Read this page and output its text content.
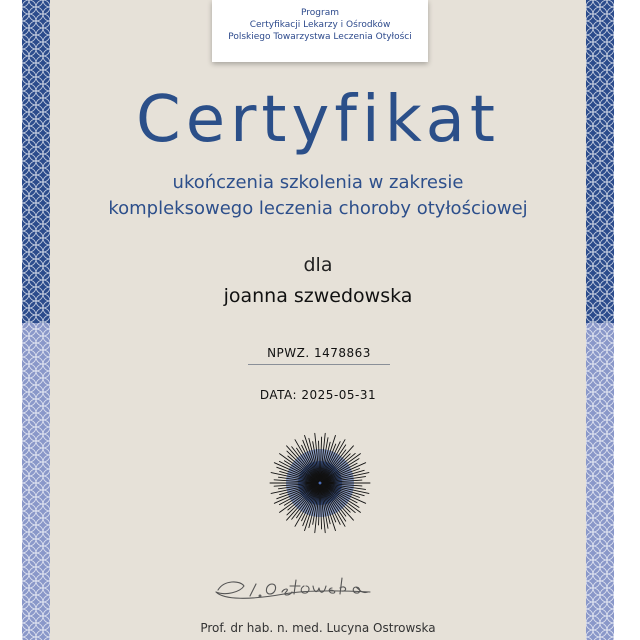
Program
Certyfikacji Lekarzy i Ośrodków
Polskiego Towarzystwa Leczenia Otyłości
Certyfikat
ukończenia szkolenia w zakresie
kompleksowego leczenia choroby otyłościowej
dla
joanna szwedowska
NPWZ. 1478863
DATA: 2025-05-31
Prof. dr hab. n. med. Lucyna Ostrowska
